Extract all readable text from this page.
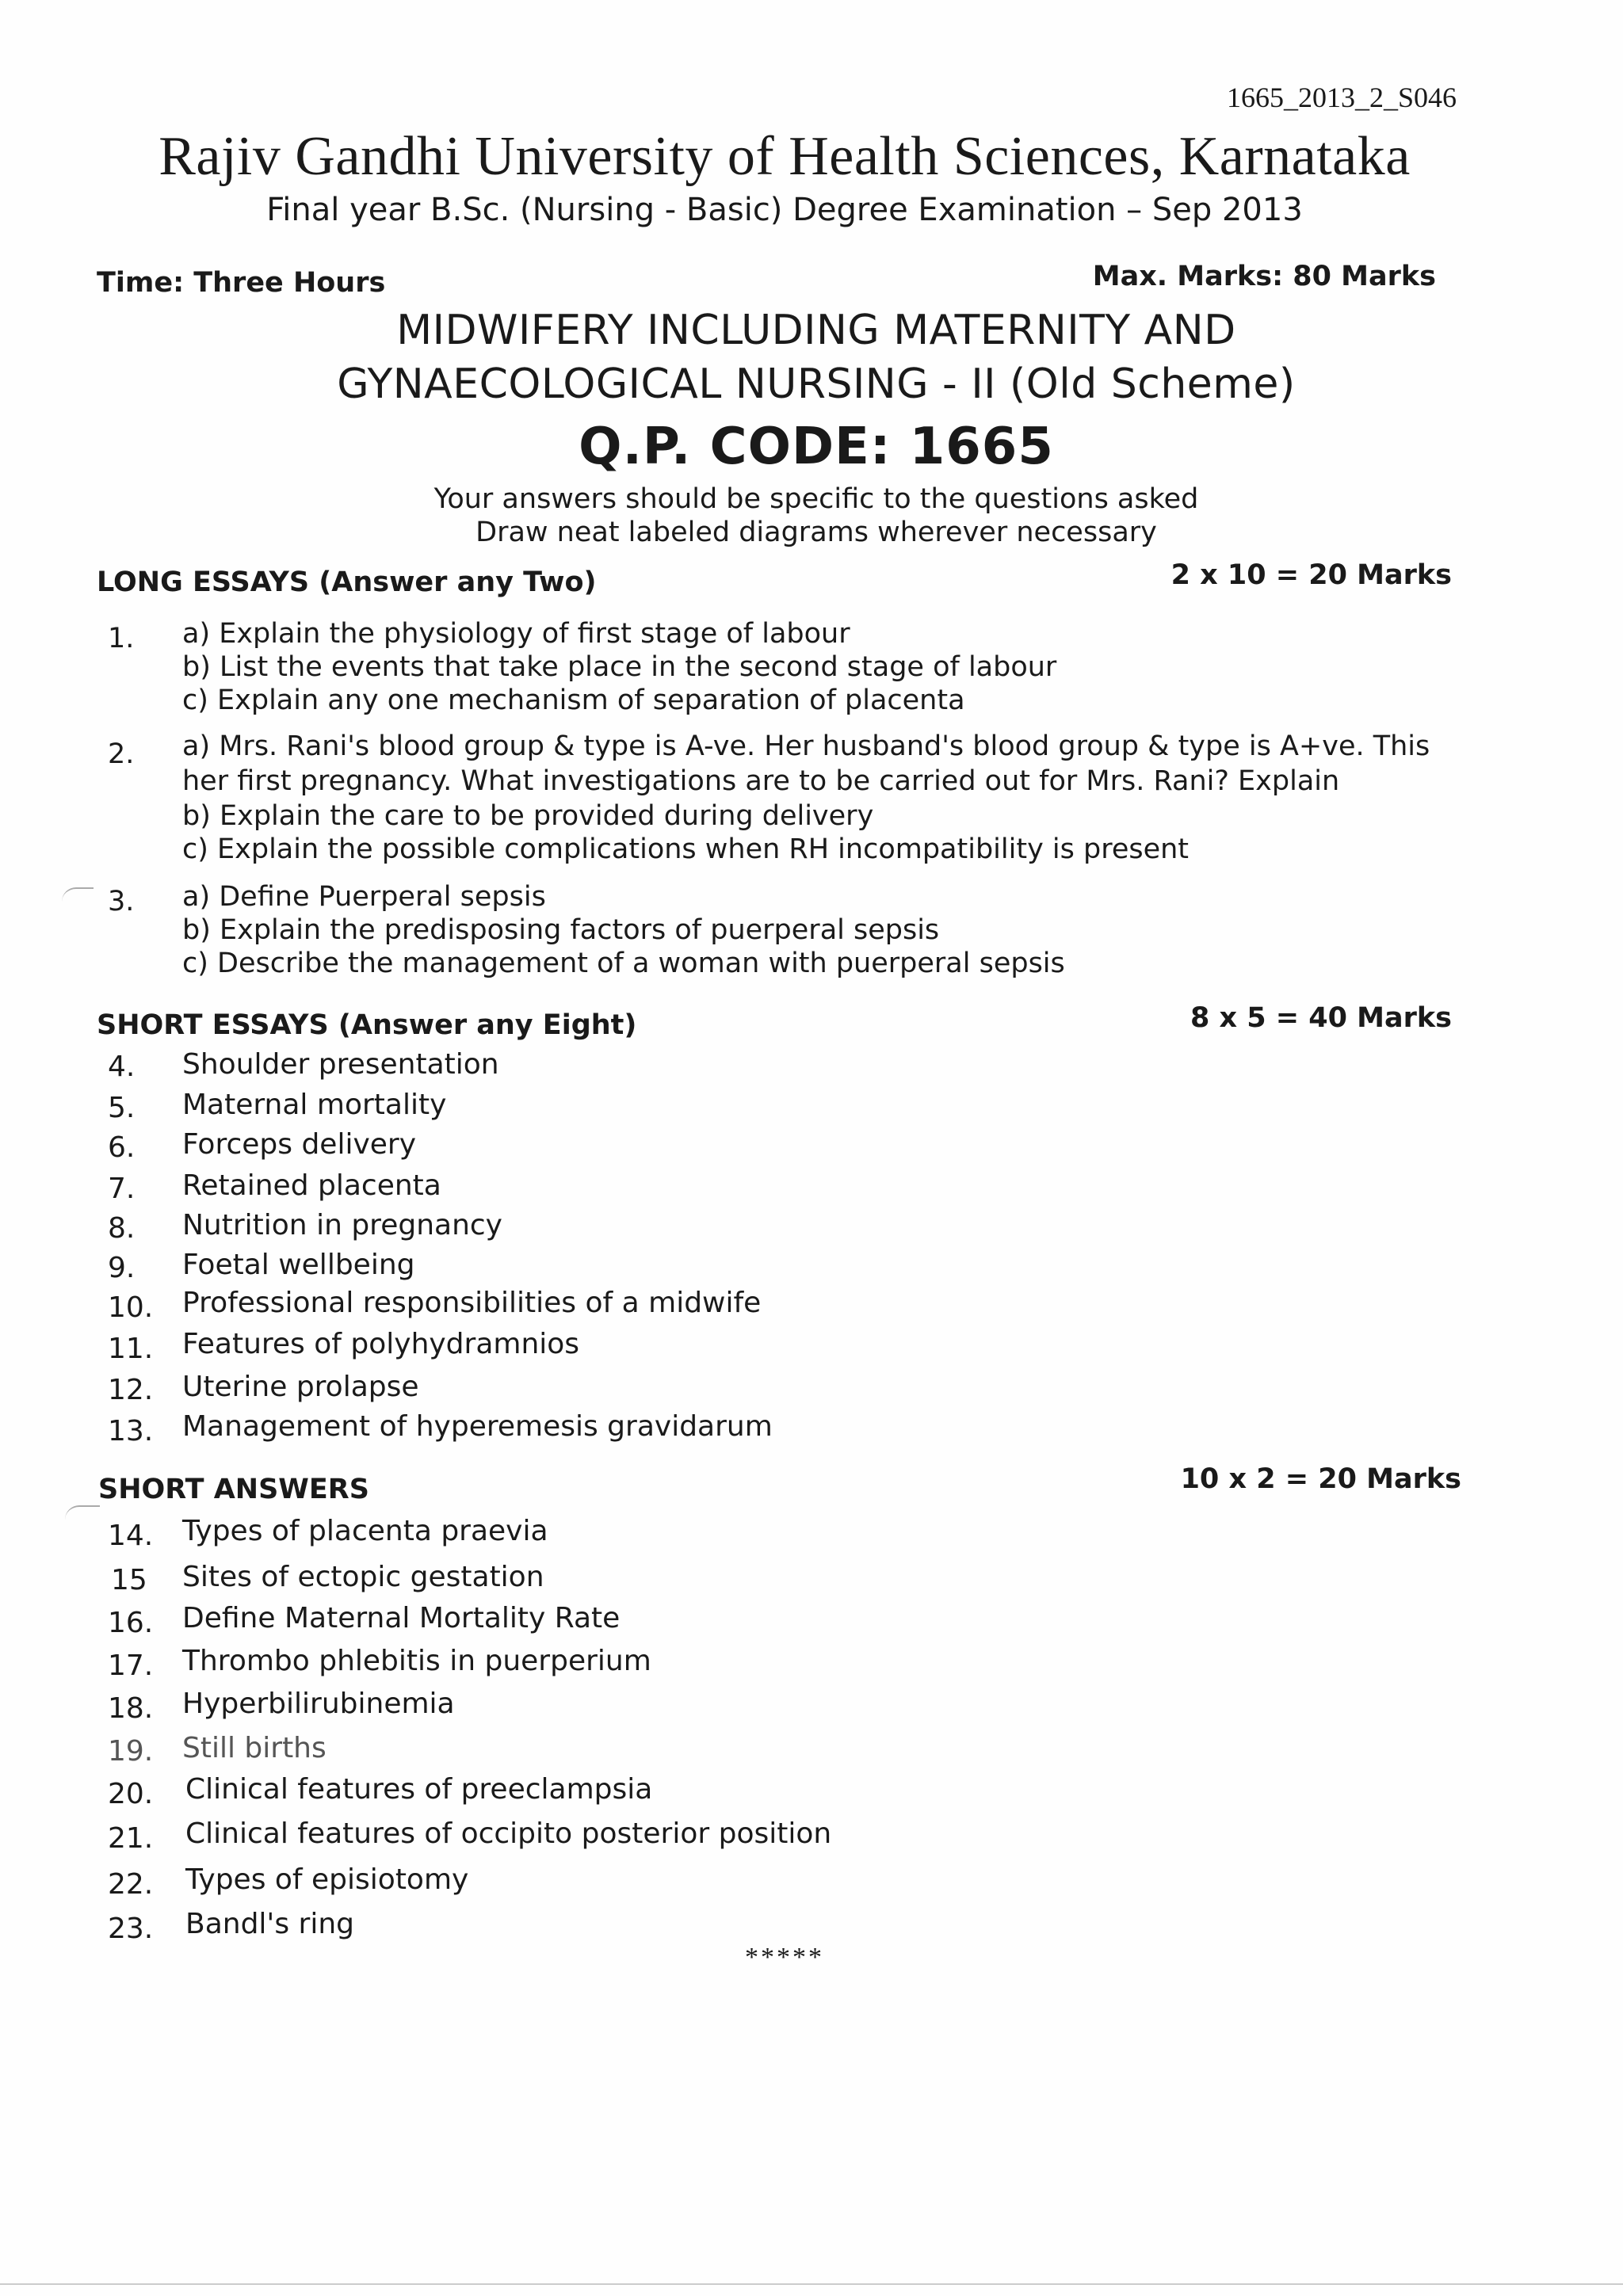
1665_2013_2_S046
Rajiv Gandhi University of Health Sciences, Karnataka
Final year B.Sc. (Nursing - Basic) Degree Examination – Sep 2013
Time: Three Hours	Max. Marks: 80 Marks
MIDWIFERY INCLUDING MATERNITY AND
GYNAECOLOGICAL NURSING - II (Old Scheme)
Q.P. CODE: 1665
Your answers should be specific to the questions asked
Draw neat labeled diagrams wherever necessary
LONG ESSAYS (Answer any Two)	2 x 10 = 20 Marks
1. a) Explain the physiology of first stage of labour
b) List the events that take place in the second stage of labour
c) Explain any one mechanism of separation of placenta
2. a) Mrs. Rani's blood group & type is A-ve. Her husband's blood group & type is A+ve. This
her first pregnancy. What investigations are to be carried out for Mrs. Rani? Explain
b) Explain the care to be provided during delivery
c) Explain the possible complications when RH incompatibility is present
3. a) Define Puerperal sepsis
b) Explain the predisposing factors of puerperal sepsis
c) Describe the management of a woman with puerperal sepsis
SHORT ESSAYS (Answer any Eight)	8 x 5 = 40 Marks
4. Shoulder presentation
5. Maternal mortality
6. Forceps delivery
7. Retained placenta
8. Nutrition in pregnancy
9. Foetal wellbeing
10. Professional responsibilities of a midwife
11. Features of polyhydramnios
12. Uterine prolapse
13. Management of hyperemesis gravidarum
SHORT ANSWERS	10 x 2 = 20 Marks
14. Types of placenta praevia
15 Sites of ectopic gestation
16. Define Maternal Mortality Rate
17. Thrombo phlebitis in puerperium
18. Hyperbilirubinemia
19. Still births
20. Clinical features of preeclampsia
21. Clinical features of occipito posterior position
22. Types of episiotomy
23. Bandl's ring
*****
